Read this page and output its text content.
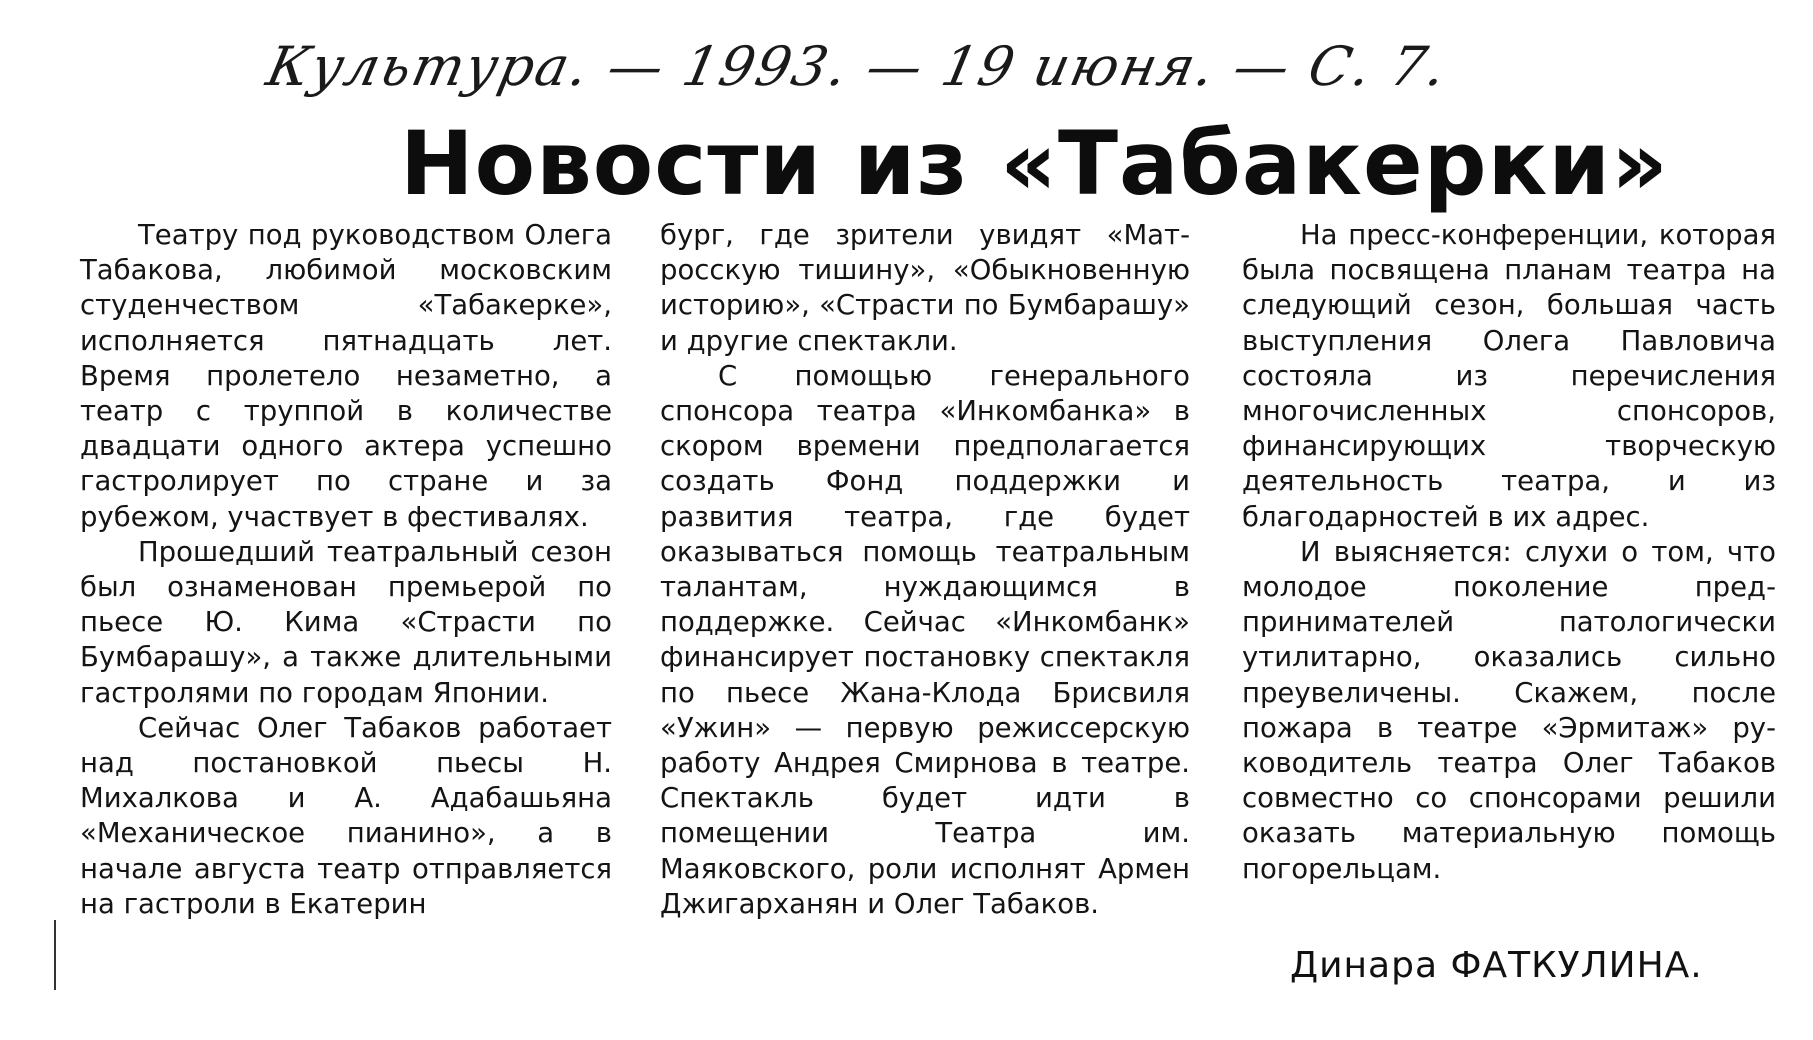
Культура. — 1993. — 19 июня. — С. 7.
Новости из «Табакерки»

Театру под руководством Олега Табакова, любимой московским студенчеством «Табакерке», исполняется пятнадцать лет. Время пролетело незаметно, а театр с труппой в количестве двадцати одного актера успешно гастролирует по стране и за рубежом, участвует в фестивалях.

Прошедший театральный сезон был ознаменован премьерой по пьесе Ю. Кима «Страсти по Бумбарашу», а также длительными гастролями по городам Японии.

Сейчас Олег Табаков работает над постановкой пьесы Н. Михалкова и А. Адабашьяна «Механическое пианино», а в начале августа театр отправляется на гастроли в Екатерин

бург, где зрители увидят «Матросскую тишину», «Обыкновенную историю», «Страсти по Бумбарашу» и другие спектакли.

С помощью генерального спонсора театра «Инкомбанка» в скором времени предполагается создать Фонд поддержки и развития театра, где будет оказываться помощь театральным талантам, нуждающимся в поддержке. Сейчас «Инкомбанк» финансирует постановку спектакля по пьесе Жана-Клода Брисвиля «Ужин» — первую режиссерскую работу Андрея Смирнова в театре. Спектакль будет идти в помещении Театра им. Маяковского, роли исполнят Армен Джигарханян и Олег Табаков.

На пресс-конференции, которая была посвящена планам театра на следующий сезон, большая часть выступления Олега Павловича состояла из перечисления многочисленных спонсоров, финансирующих творческую деятельность театра, и из благодарностей в их адрес.

И выясняется: слухи о том, что молодое поколение предпринимателей патологически утилитарно, оказались сильно преувеличены. Скажем, после пожара в театре «Эрмитаж» руководитель театра Олег Табаков совместно со спонсорами решили оказать материальную помощь погорельцам.

Динара ФАТКУЛИНА.
